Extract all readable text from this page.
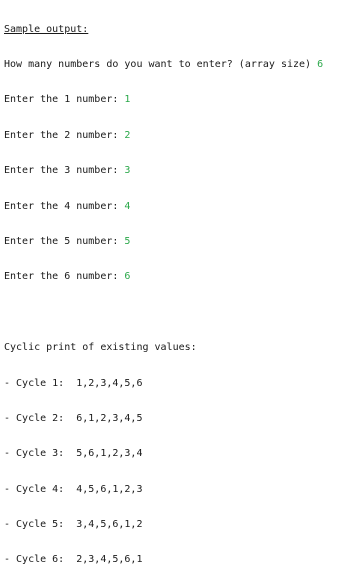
Sample output:

How many numbers do you want to enter? (array size) 6

Enter the 1 number: 1

Enter the 2 number: 2

Enter the 3 number: 3

Enter the 4 number: 4

Enter the 5 number: 5

Enter the 6 number: 6

Cyclic print of existing values:

- Cycle 1:  1,2,3,4,5,6

- Cycle 2:  6,1,2,3,4,5

- Cycle 3:  5,6,1,2,3,4

- Cycle 4:  4,5,6,1,2,3

- Cycle 5:  3,4,5,6,1,2

- Cycle 6:  2,3,4,5,6,1
